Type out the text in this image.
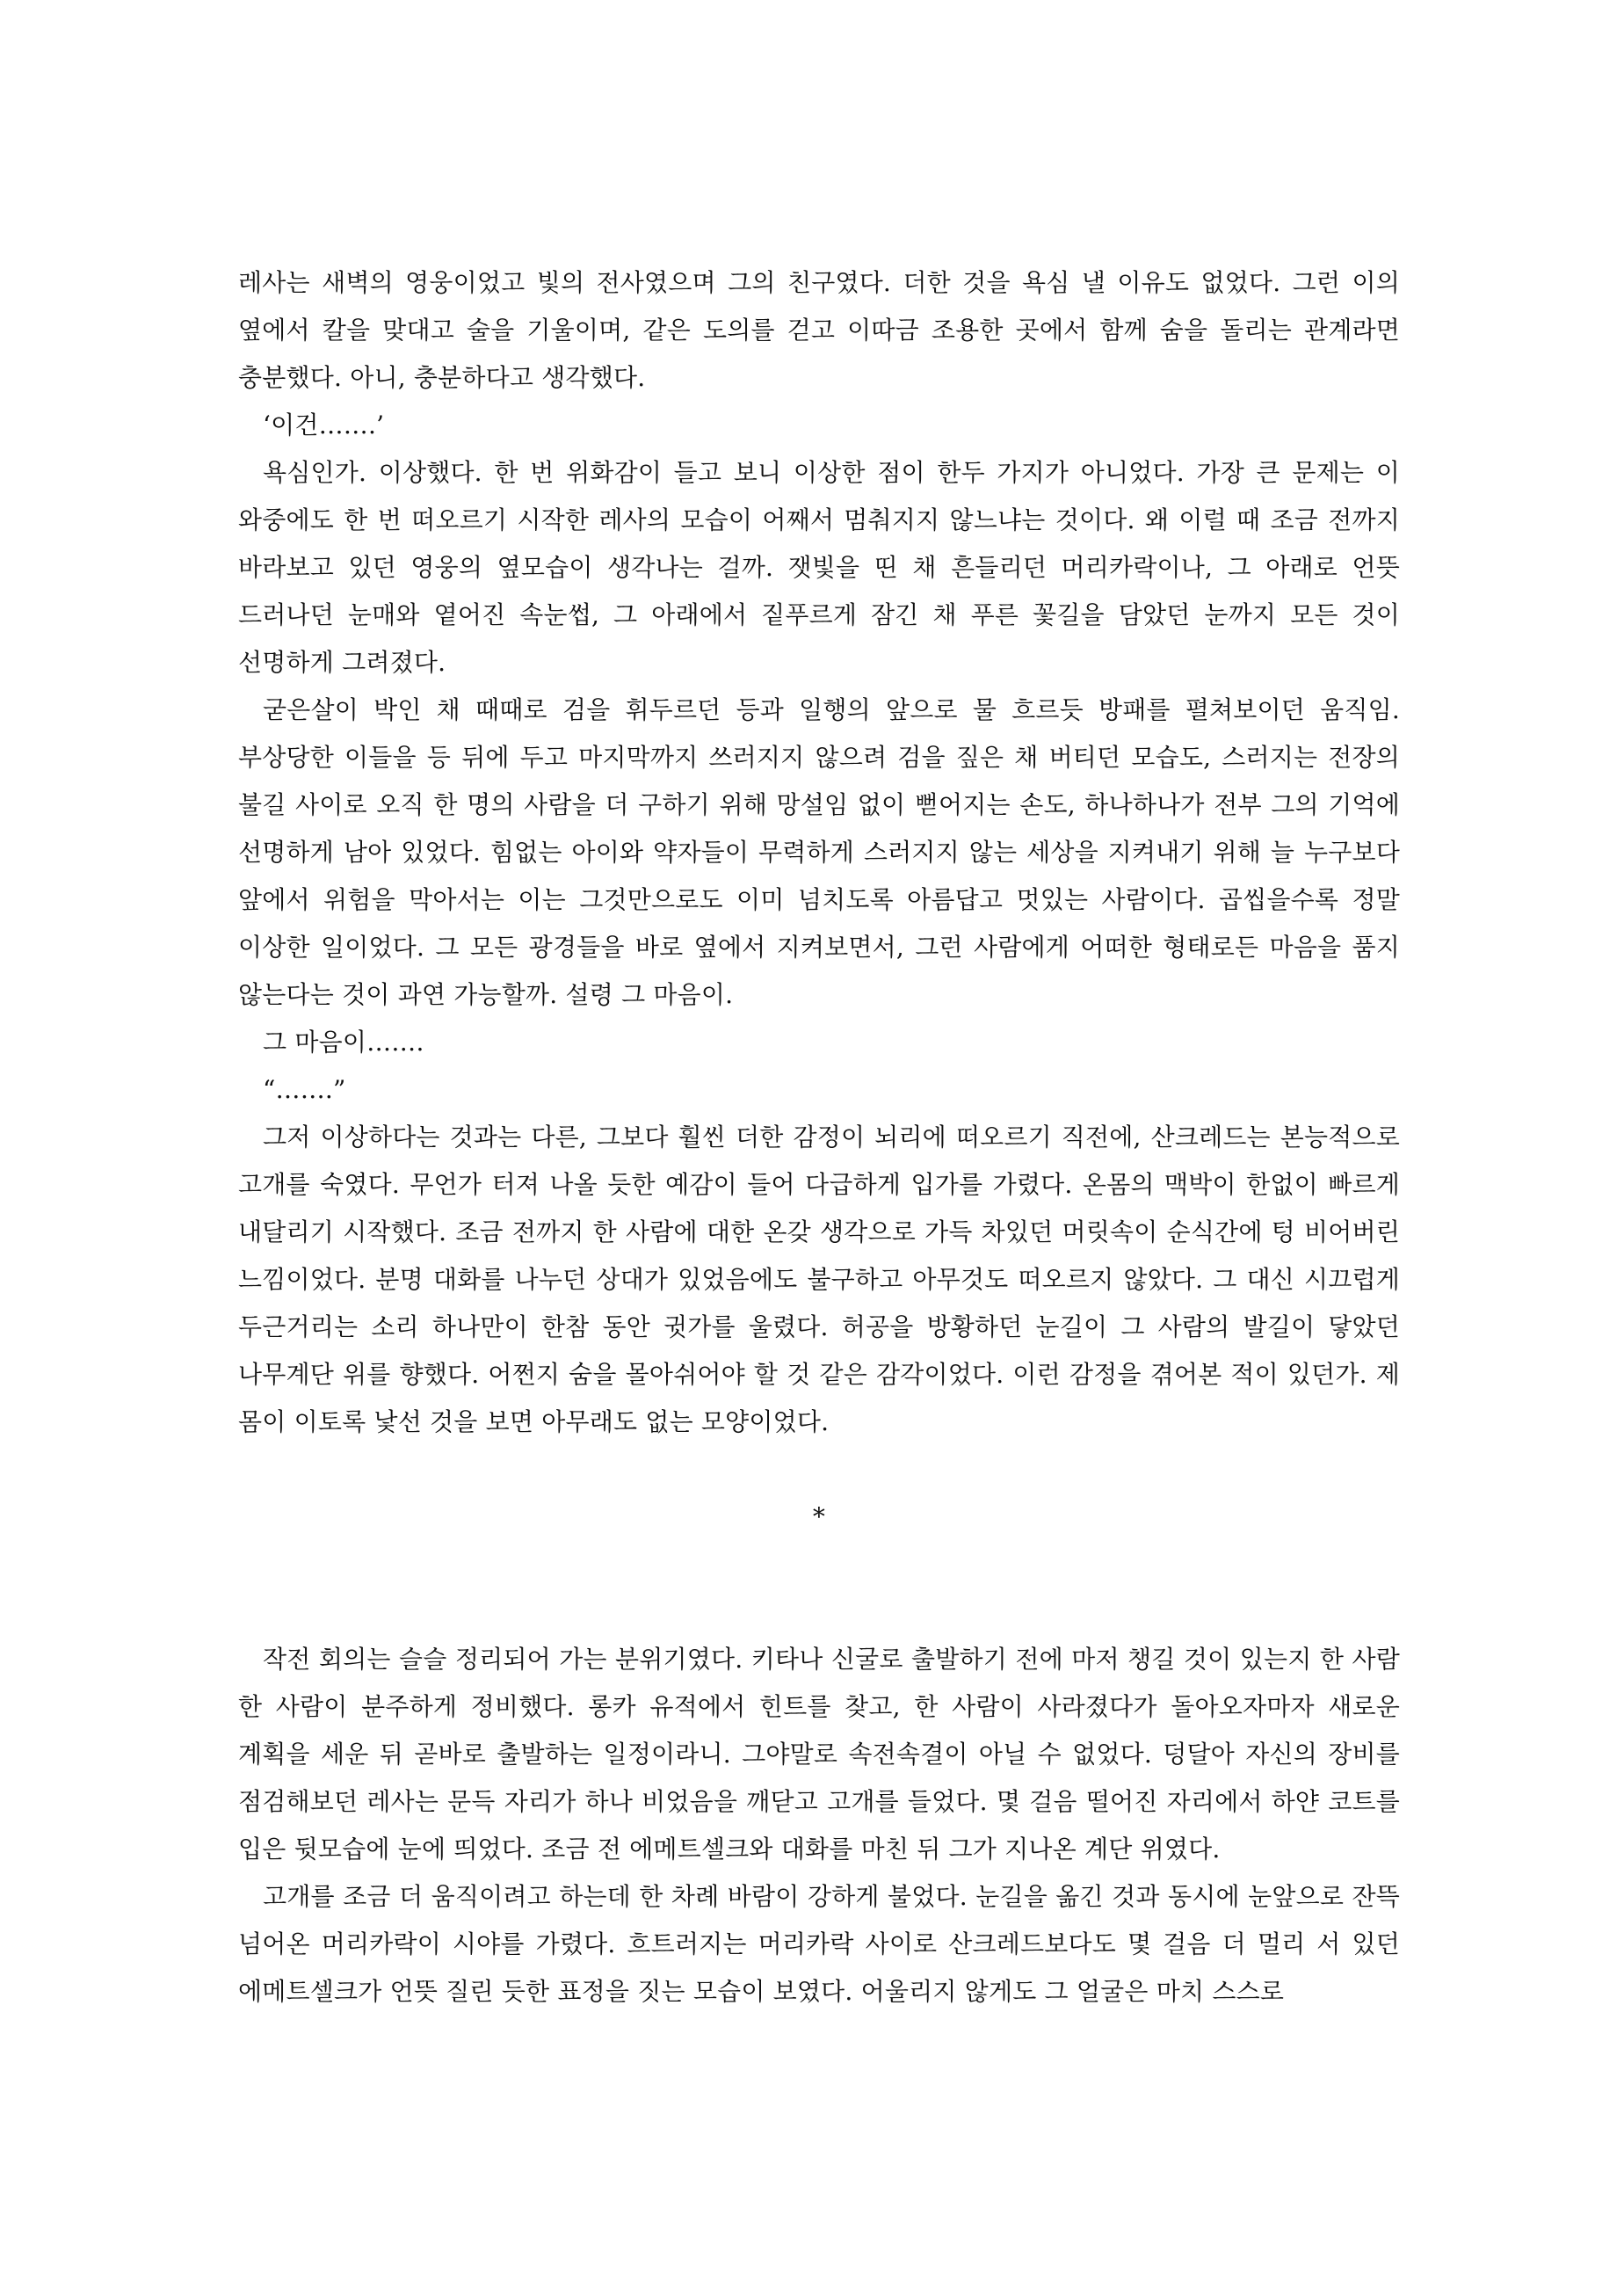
레사는 새벽의 영웅이었고 빛의 전사였으며 그의 친구였다. 더한 것을 욕심 낼 이유도 없었다. 그런 이의 옆에서 칼을 맞대고 술을 기울이며, 같은 도의를 걷고 이따금 조용한 곳에서 함께 숨을 돌리는 관계라면 충분했다. 아니, 충분하다고 생각했다.

‘이건…….’

욕심인가. 이상했다. 한 번 위화감이 들고 보니 이상한 점이 한두 가지가 아니었다. 가장 큰 문제는 이 와중에도 한 번 떠오르기 시작한 레사의 모습이 어째서 멈춰지지 않느냐는 것이다. 왜 이럴 때 조금 전까지 바라보고 있던 영웅의 옆모습이 생각나는 걸까. 잿빛을 띤 채 흔들리던 머리카락이나, 그 아래로 언뜻 드러나던 눈매와 옅어진 속눈썹, 그 아래에서 짙푸르게 잠긴 채 푸른 꽃길을 담았던 눈까지 모든 것이 선명하게 그려졌다.

굳은살이 박인 채 때때로 검을 휘두르던 등과 일행의 앞으로 물 흐르듯 방패를 펼쳐보이던 움직임. 부상당한 이들을 등 뒤에 두고 마지막까지 쓰러지지 않으려 검을 짚은 채 버티던 모습도, 스러지는 전장의 불길 사이로 오직 한 명의 사람을 더 구하기 위해 망설임 없이 뻗어지는 손도, 하나하나가 전부 그의 기억에 선명하게 남아 있었다. 힘없는 아이와 약자들이 무력하게 스러지지 않는 세상을 지켜내기 위해 늘 누구보다 앞에서 위험을 막아서는 이는 그것만으로도 이미 넘치도록 아름답고 멋있는 사람이다. 곱씹을수록 정말 이상한 일이었다. 그 모든 광경들을 바로 옆에서 지켜보면서, 그런 사람에게 어떠한 형태로든 마음을 품지 않는다는 것이 과연 가능할까. 설령 그 마음이.

그 마음이…….

“…….”

그저 이상하다는 것과는 다른, 그보다 훨씬 더한 감정이 뇌리에 떠오르기 직전에, 산크레드는 본능적으로 고개를 숙였다. 무언가 터져 나올 듯한 예감이 들어 다급하게 입가를 가렸다. 온몸의 맥박이 한없이 빠르게 내달리기 시작했다. 조금 전까지 한 사람에 대한 온갖 생각으로 가득 차있던 머릿속이 순식간에 텅 비어버린 느낌이었다. 분명 대화를 나누던 상대가 있었음에도 불구하고 아무것도 떠오르지 않았다. 그 대신 시끄럽게 두근거리는 소리 하나만이 한참 동안 귓가를 울렸다. 허공을 방황하던 눈길이 그 사람의 발길이 닿았던 나무계단 위를 향했다. 어쩐지 숨을 몰아쉬어야 할 것 같은 감각이었다. 이런 감정을 겪어본 적이 있던가. 제 몸이 이토록 낯선 것을 보면 아무래도 없는 모양이었다.

*

작전 회의는 슬슬 정리되어 가는 분위기였다. 키타나 신굴로 출발하기 전에 마저 챙길 것이 있는지 한 사람 한 사람이 분주하게 정비했다. 롱카 유적에서 힌트를 찾고, 한 사람이 사라졌다가 돌아오자마자 새로운 계획을 세운 뒤 곧바로 출발하는 일정이라니. 그야말로 속전속결이 아닐 수 없었다. 덩달아 자신의 장비를 점검해보던 레사는 문득 자리가 하나 비었음을 깨닫고 고개를 들었다. 몇 걸음 떨어진 자리에서 하얀 코트를 입은 뒷모습에 눈에 띄었다. 조금 전 에메트셀크와 대화를 마친 뒤 그가 지나온 계단 위였다.

고개를 조금 더 움직이려고 하는데 한 차례 바람이 강하게 불었다. 눈길을 옮긴 것과 동시에 눈앞으로 잔뜩 넘어온 머리카락이 시야를 가렸다. 흐트러지는 머리카락 사이로 산크레드보다도 몇 걸음 더 멀리 서 있던 에메트셀크가 언뜻 질린 듯한 표정을 짓는 모습이 보였다. 어울리지 않게도 그 얼굴은 마치 스스로
